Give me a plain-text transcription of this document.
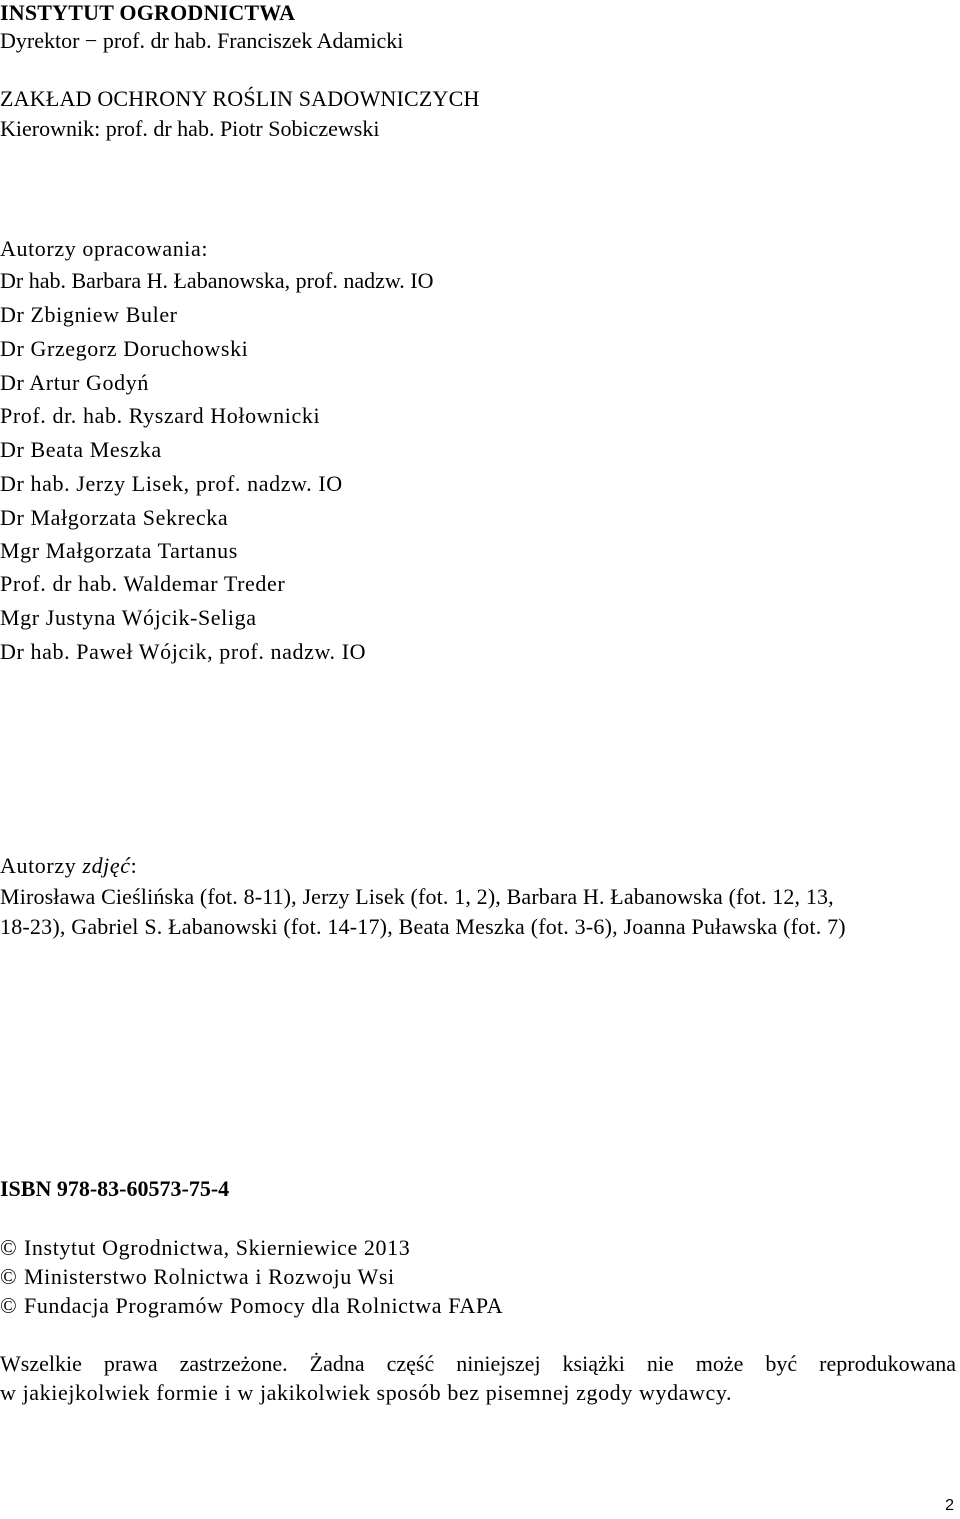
INSTYTUT OGRODNICTWA
Dyrektor − prof. dr hab. Franciszek Adamicki
ZAKŁAD OCHRONY ROŚLIN SADOWNICZYCH
Kierownik: prof. dr hab. Piotr Sobiczewski
Autorzy opracowania:
Dr hab. Barbara H. Łabanowska, prof. nadzw. IO
Dr Zbigniew Buler
Dr Grzegorz Doruchowski
Dr Artur Godyń
Prof. dr. hab. Ryszard Hołownicki
Dr Beata Meszka
Dr hab. Jerzy Lisek, prof. nadzw. IO
Dr Małgorzata Sekrecka
Mgr Małgorzata Tartanus
Prof. dr hab. Waldemar Treder
Mgr Justyna Wójcik-Seliga
Dr hab. Paweł Wójcik, prof. nadzw. IO
Autorzy zdjęć:
Mirosława Cieślińska (fot. 8-11), Jerzy Lisek (fot. 1, 2), Barbara H. Łabanowska (fot. 12, 13,
18-23), Gabriel S. Łabanowski (fot. 14-17), Beata Meszka (fot. 3-6), Joanna Puławska (fot. 7)
ISBN 978-83-60573-75-4
© Instytut Ogrodnictwa, Skierniewice 2013
© Ministerstwo Rolnictwa i Rozwoju Wsi
© Fundacja Programów Pomocy dla Rolnictwa FAPA
Wszelkie prawa zastrzeżone. Żadna część niniejszej książki nie może być reprodukowana
w jakiejkolwiek formie i w jakikolwiek sposób bez pisemnej zgody wydawcy.
2
